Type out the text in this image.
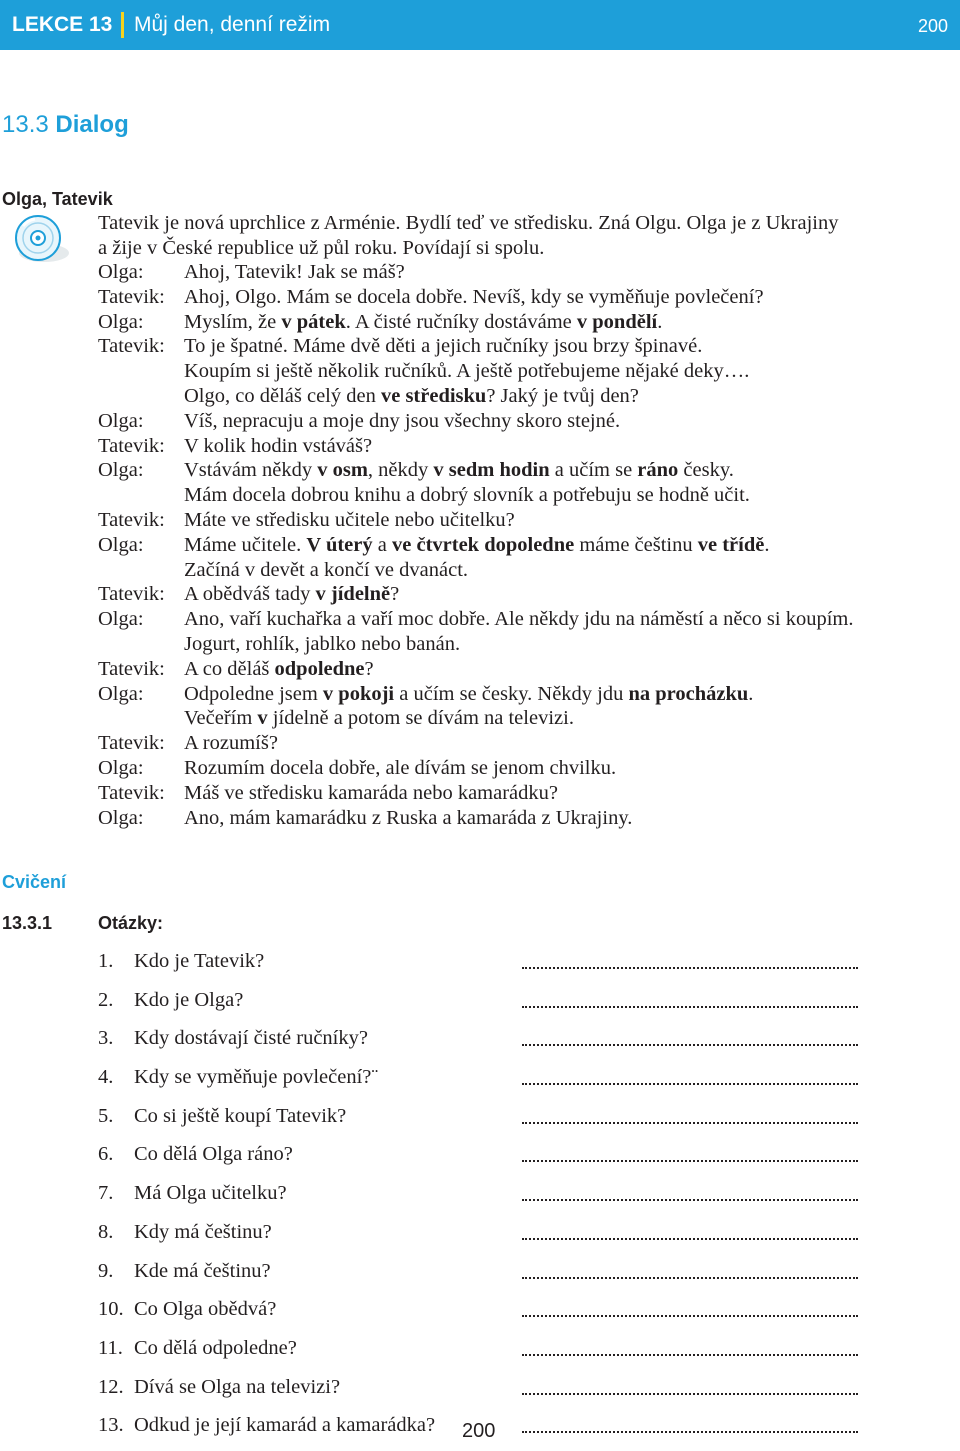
LEKCE 13 Můj den, denní režim	200
13.3 Dialog
Olga, Tatevik
Tatevik je nová uprchlice z Arménie. Bydlí teď ve středisku. Zná Olgu. Olga je z Ukrajiny
a žije v České republice už půl roku. Povídají si spolu.
Olga: Ahoj, Tatevik! Jak se máš?
Tatevik: Ahoj, Olgo. Mám se docela dobře. Nevíš, kdy se vyměňuje povlečení?
Olga: Myslím, že v pátek. A čisté ručníky dostáváme v pondělí.
Tatevik: To je špatné. Máme dvě děti a jejich ručníky jsou brzy špinavé.
Koupím si ještě několik ručníků. A ještě potřebujeme nějaké deky….
Olgo, co děláš celý den ve středisku? Jaký je tvůj den?
Olga: Víš, nepracuju a moje dny jsou všechny skoro stejné.
Tatevik: V kolik hodin vstáváš?
Olga: Vstávám někdy v osm, někdy v sedm hodin a učím se ráno česky.
Mám docela dobrou knihu a dobrý slovník a potřebuju se hodně učit.
Tatevik: Máte ve středisku učitele nebo učitelku?
Olga: Máme učitele. V úterý a ve čtvrtek dopoledne máme češtinu ve třídě.
Začíná v devět a končí ve dvanáct.
Tatevik: A obědváš tady v jídelně?
Olga: Ano, vaří kuchařka a vaří moc dobře. Ale někdy jdu na náměstí a něco si koupím.
Jogurt, rohlík, jablko nebo banán.
Tatevik: A co děláš odpoledne?
Olga: Odpoledne jsem v pokoji a učím se česky. Někdy jdu na procházku.
Večeřím v jídelně a potom se dívám na televizi.
Tatevik: A rozumíš?
Olga: Rozumím docela dobře, ale dívám se jenom chvilku.
Tatevik: Máš ve středisku kamaráda nebo kamarádku?
Olga: Ano, mám kamarádku z Ruska a kamaráda z Ukrajiny.
Cvičení
13.3.1	Otázky:
1. Kdo je Tatevik?
2. Kdo je Olga?
3. Kdy dostávají čisté ručníky?
4. Kdy se vyměňuje povlečení?¨
5. Co si ještě koupí Tatevik?
6. Co dělá Olga ráno?
7. Má Olga učitelku?
8. Kdy má češtinu?
9. Kde má češtinu?
10. Co Olga obědvá?
11. Co dělá odpoledne?
12. Dívá se Olga na televizi?
13. Odkud je její kamarád a kamarádka? 200
